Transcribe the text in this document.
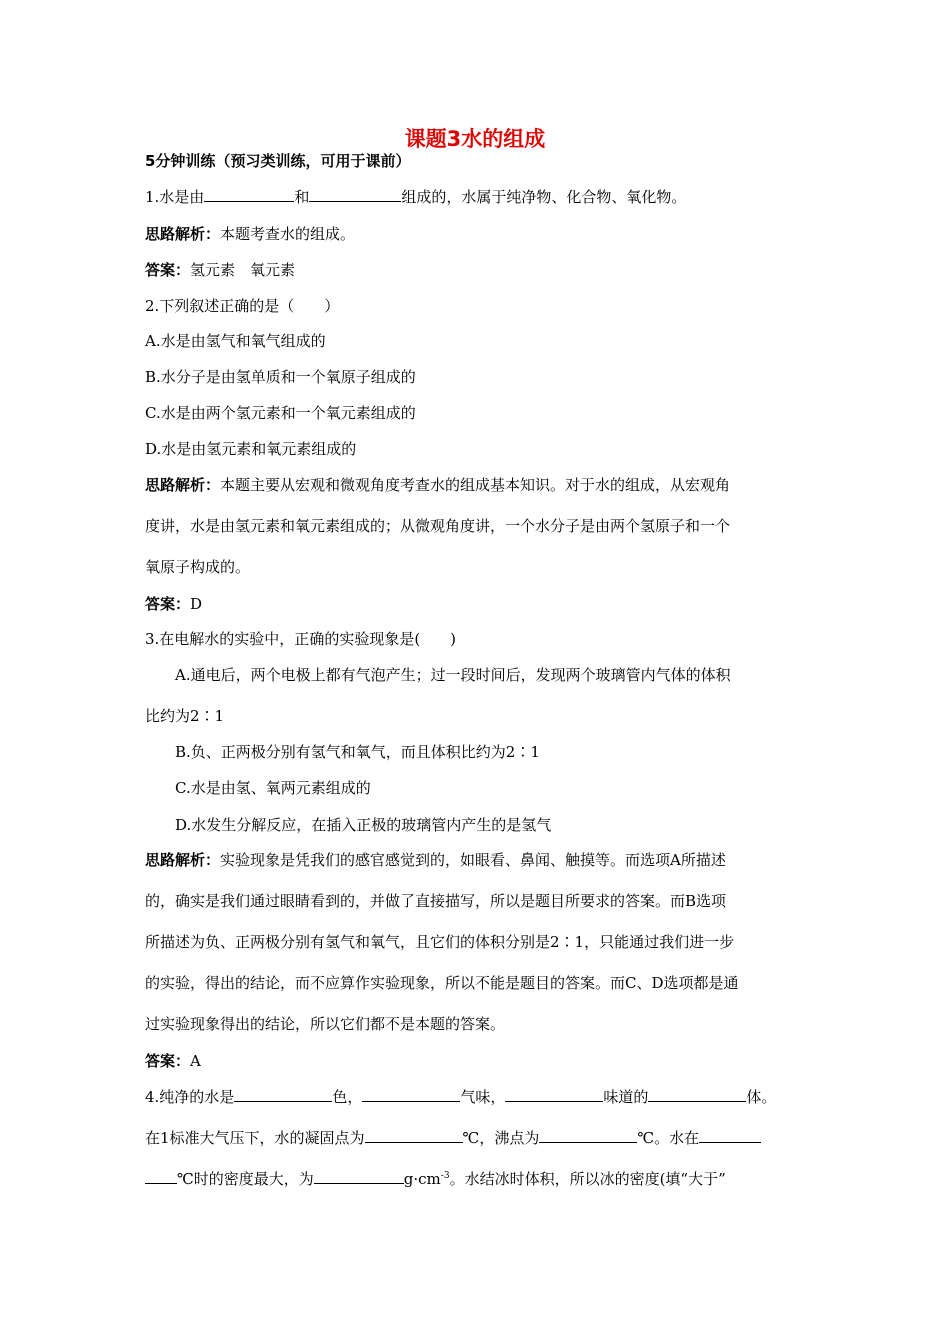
课题3水的组成
5分钟训练（预习类训练，可用于课前）
1.水是由	和	组成的，水属于纯净物、化合物、氧化物。
思路解析：本题考查水的组成。
答案：氢元素　氧元素
2.下列叙述正确的是（　　）
A.水是由氢气和氧气组成的
B.水分子是由氢单质和一个氧原子组成的
C.水是由两个氢元素和一个氧元素组成的
D.水是由氢元素和氧元素组成的
思路解析：本题主要从宏观和微观角度考查水的组成基本知识。对于水的组成，从宏观角
度讲，水是由氢元素和氧元素组成的；从微观角度讲，一个水分子是由两个氢原子和一个
氧原子构成的。
答案：D
3.在电解水的实验中，正确的实验现象是(　　)
A.通电后，两个电极上都有气泡产生；过一段时间后，发现两个玻璃管内气体的体积
比约为2∶1
B.负、正两极分别有氢气和氧气，而且体积比约为2∶1
C.水是由氢、氧两元素组成的
D.水发生分解反应，在插入正极的玻璃管内产生的是氢气
思路解析：实验现象是凭我们的感官感觉到的，如眼看、鼻闻、触摸等。而选项A所描述
的，确实是我们通过眼睛看到的，并做了直接描写，所以是题目所要求的答案。而B选项
所描述为负、正两极分别有氢气和氧气，且它们的体积分别是2∶1，只能通过我们进一步
的实验，得出的结论，而不应算作实验现象，所以不能是题目的答案。而C、D选项都是通
过实验现象得出的结论，所以它们都不是本题的答案。
答案：A
4.纯净的水是	色，	气味，	味道的	体。
在1标准大气压下，水的凝固点为	℃，沸点为	℃。水在
℃时的密度最大，为	$g\cdot cm^{-3}$。水结冰时体积，所以冰的密度(填“大于”
